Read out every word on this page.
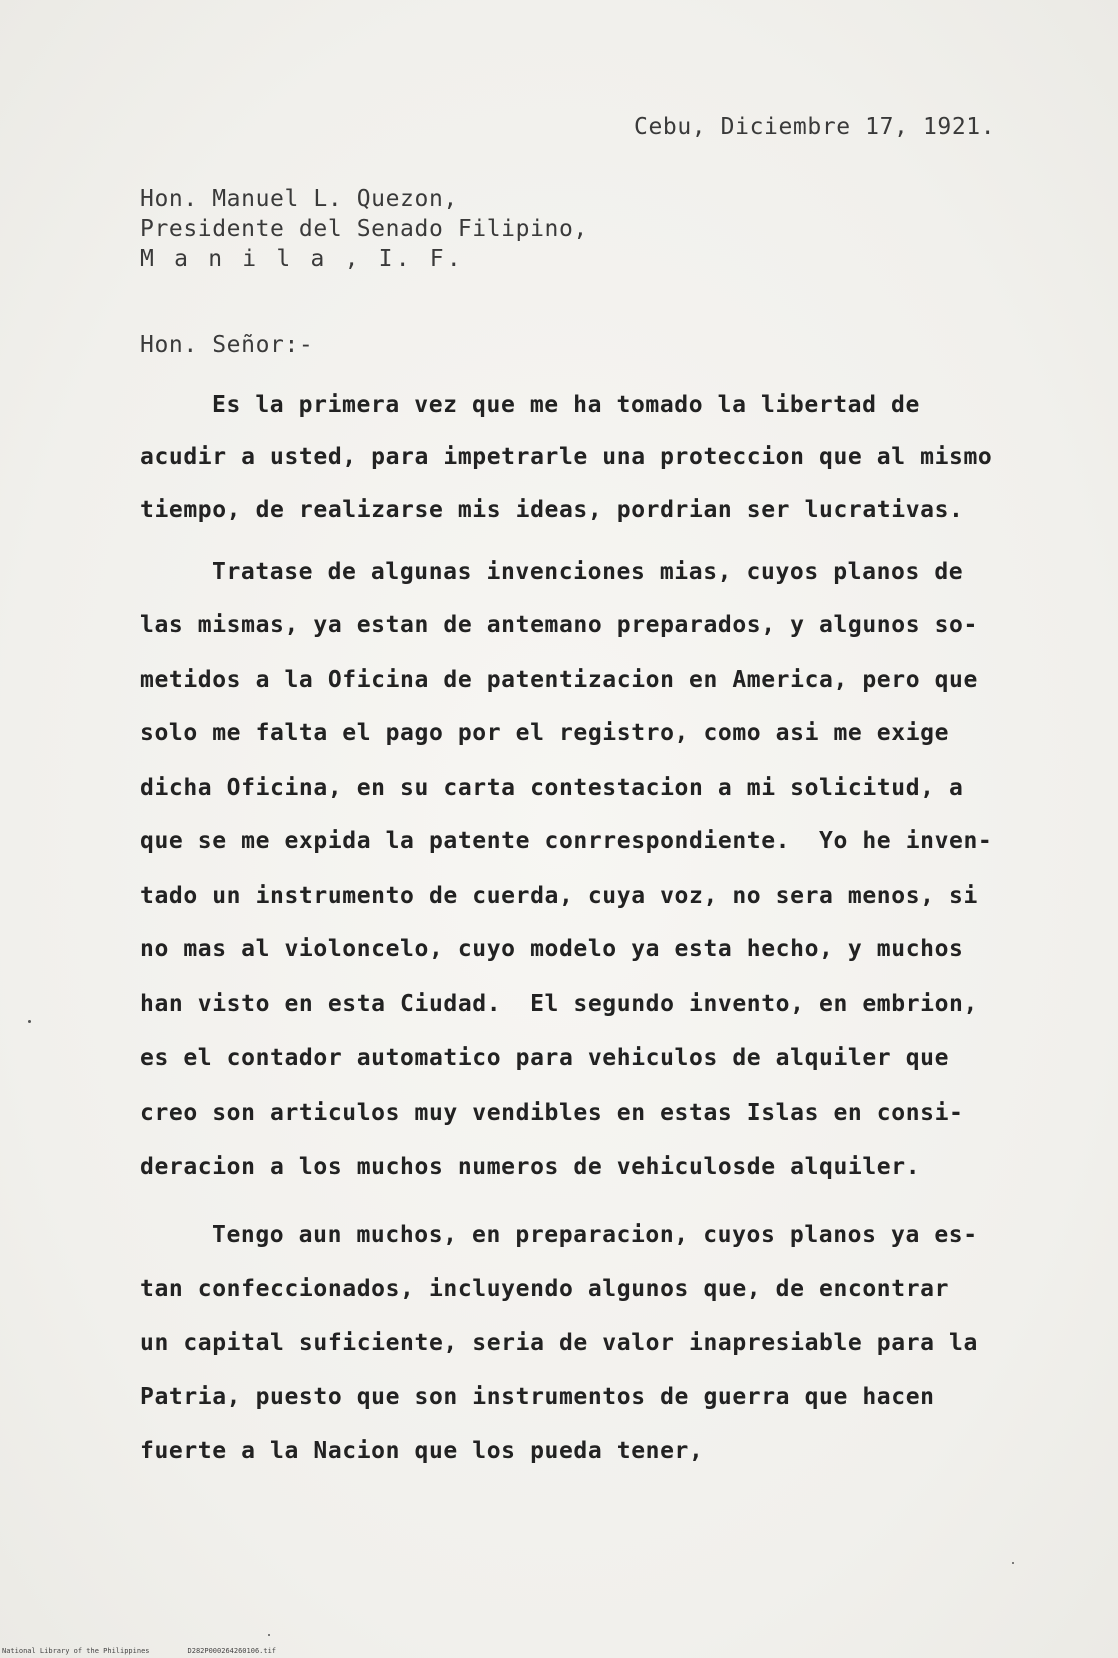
Cebu, Diciembre 17, 1921.
Hon. Manuel L. Quezon,
Presidente del Senado Filipino,
M a n i l a , I. F.
Hon. Señor:-
Es la primera vez que me ha tomado la libertad de
acudir a usted, para impetrarle una proteccion que al mismo
tiempo, de realizarse mis ideas, pordrian ser lucrativas.
Tratase de algunas invenciones mias, cuyos planos de
las mismas, ya estan de antemano preparados, y algunos so-
metidos a la Oficina de patentizacion en America, pero que
solo me falta el pago por el registro, como asi me exige
dicha Oficina, en su carta contestacion a mi solicitud, a
que se me expida la patente conrrespondiente.  Yo he inven-
tado un instrumento de cuerda, cuya voz, no sera menos, si
no mas al violoncelo, cuyo modelo ya esta hecho, y muchos
han visto en esta Ciudad.  El segundo invento, en embrion,
es el contador automatico para vehiculos de alquiler que
creo son articulos muy vendibles en estas Islas en consi-
deracion a los muchos numeros de vehiculosde alquiler.
Tengo aun muchos, en preparacion, cuyos planos ya es-
tan confeccionados, incluyendo algunos que, de encontrar
un capital suficiente, seria de valor inapresiable para la
Patria, puesto que son instrumentos de guerra que hacen
fuerte a la Nacion que los pueda tener,
National Library of the Philippines	D282P000264260106.tif
